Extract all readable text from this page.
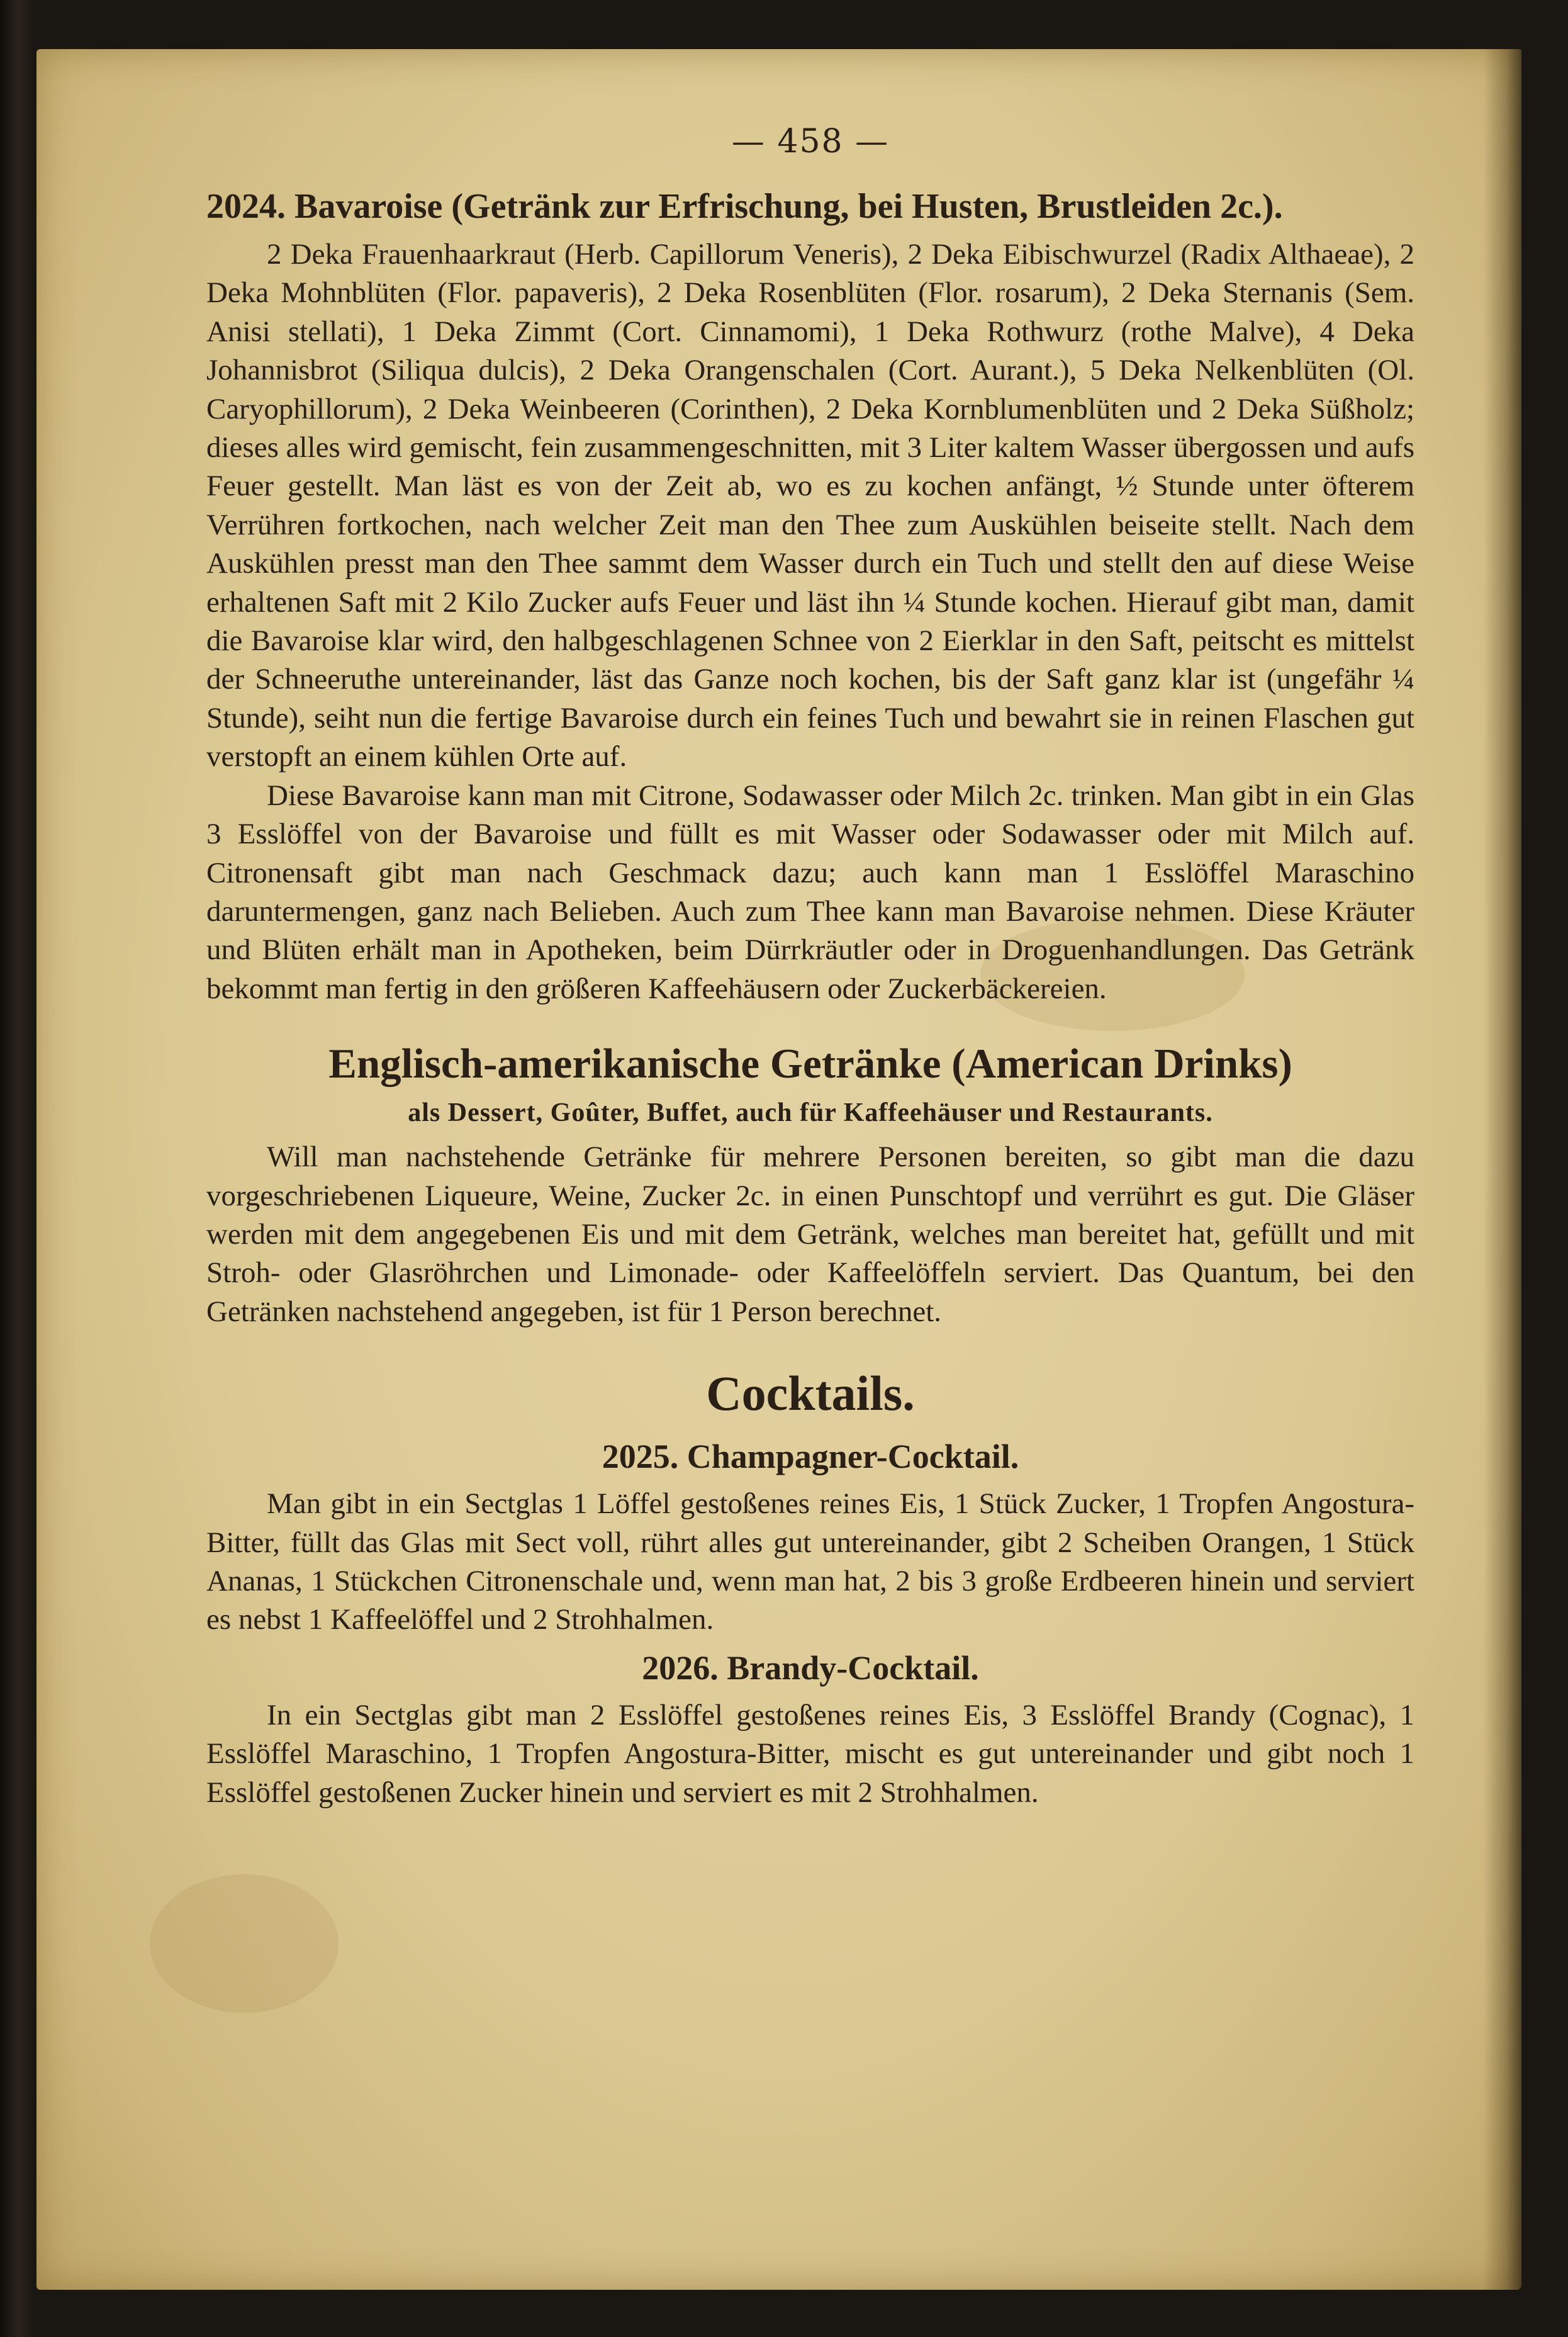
— 458 —
2024. Bavaroise (Getränk zur Erfrischung, bei Husten, Brustleiden 2c.).

2 Deka Frauenhaarkraut (Herb. Capillorum Veneris), 2 Deka Eibischwurzel (Radix Althaeae), 2 Deka Mohnblüten (Flor. papaveris), 2 Deka Rosenblüten (Flor. rosarum), 2 Deka Sternanis (Sem. Anisi stellati), 1 Deka Zimmt (Cort. Cinnamomi), 1 Deka Rothwurz (rothe Malve), 4 Deka Johannisbrot (Siliqua dulcis), 2 Deka Orangenschalen (Cort. Aurant.), 5 Deka Nelkenblüten (Ol. Caryophillorum), 2 Deka Weinbeeren (Corinthen), 2 Deka Kornblumenblüten und 2 Deka Süßholz; dieses alles wird gemischt, fein zusammengeschnitten, mit 3 Liter kaltem Wasser übergossen und aufs Feuer gestellt. Man läst es von der Zeit ab, wo es zu kochen anfängt, ½ Stunde unter öfterem Verrühren fortkochen, nach welcher Zeit man den Thee zum Auskühlen beiseite stellt. Nach dem Auskühlen presst man den Thee sammt dem Wasser durch ein Tuch und stellt den auf diese Weise erhaltenen Saft mit 2 Kilo Zucker aufs Feuer und läst ihn ¼ Stunde kochen. Hierauf gibt man, damit die Bavaroise klar wird, den halbgeschlagenen Schnee von 2 Eierklar in den Saft, peitscht es mittelst der Schneeruthe untereinander, läst das Ganze noch kochen, bis der Saft ganz klar ist (ungefähr ¼ Stunde), seiht nun die fertige Bavaroise durch ein feines Tuch und bewahrt sie in reinen Flaschen gut verstopft an einem kühlen Orte auf.

Diese Bavaroise kann man mit Citrone, Sodawasser oder Milch 2c. trinken. Man gibt in ein Glas 3 Esslöffel von der Bavaroise und füllt es mit Wasser oder Sodawasser oder mit Milch auf. Citronensaft gibt man nach Geschmack dazu; auch kann man 1 Esslöffel Maraschino daruntermengen, ganz nach Belieben. Auch zum Thee kann man Bavaroise nehmen. Diese Kräuter und Blüten erhält man in Apotheken, beim Dürrkräutler oder in Droguenhandlungen. Das Getränk bekommt man fertig in den größeren Kaffeehäusern oder Zuckerbäckereien.

Englisch-amerikanische Getränke (American Drinks)
als Dessert, Goûter, Buffet, auch für Kaffeehäuser und Restaurants.

Will man nachstehende Getränke für mehrere Personen bereiten, so gibt man die dazu vorgeschriebenen Liqueure, Weine, Zucker 2c. in einen Punschtopf und verrührt es gut. Die Gläser werden mit dem angegebenen Eis und mit dem Getränk, welches man bereitet hat, gefüllt und mit Stroh- oder Glasröhrchen und Limonade- oder Kaffeelöffeln serviert. Das Quantum, bei den Getränken nachstehend angegeben, ist für 1 Person berechnet.

Cocktails.
2025. Champagner-Cocktail.

Man gibt in ein Sectglas 1 Löffel gestoßenes reines Eis, 1 Stück Zucker, 1 Tropfen Angostura-Bitter, füllt das Glas mit Sect voll, rührt alles gut untereinander, gibt 2 Scheiben Orangen, 1 Stück Ananas, 1 Stückchen Citronenschale und, wenn man hat, 2 bis 3 große Erdbeeren hinein und serviert es nebst 1 Kaffeelöffel und 2 Strohhalmen.

2026. Brandy-Cocktail.

In ein Sectglas gibt man 2 Esslöffel gestoßenes reines Eis, 3 Esslöffel Brandy (Cognac), 1 Esslöffel Maraschino, 1 Tropfen Angostura-Bitter, mischt es gut untereinander und gibt noch 1 Esslöffel gestoßenen Zucker hinein und serviert es mit 2 Strohhalmen.
